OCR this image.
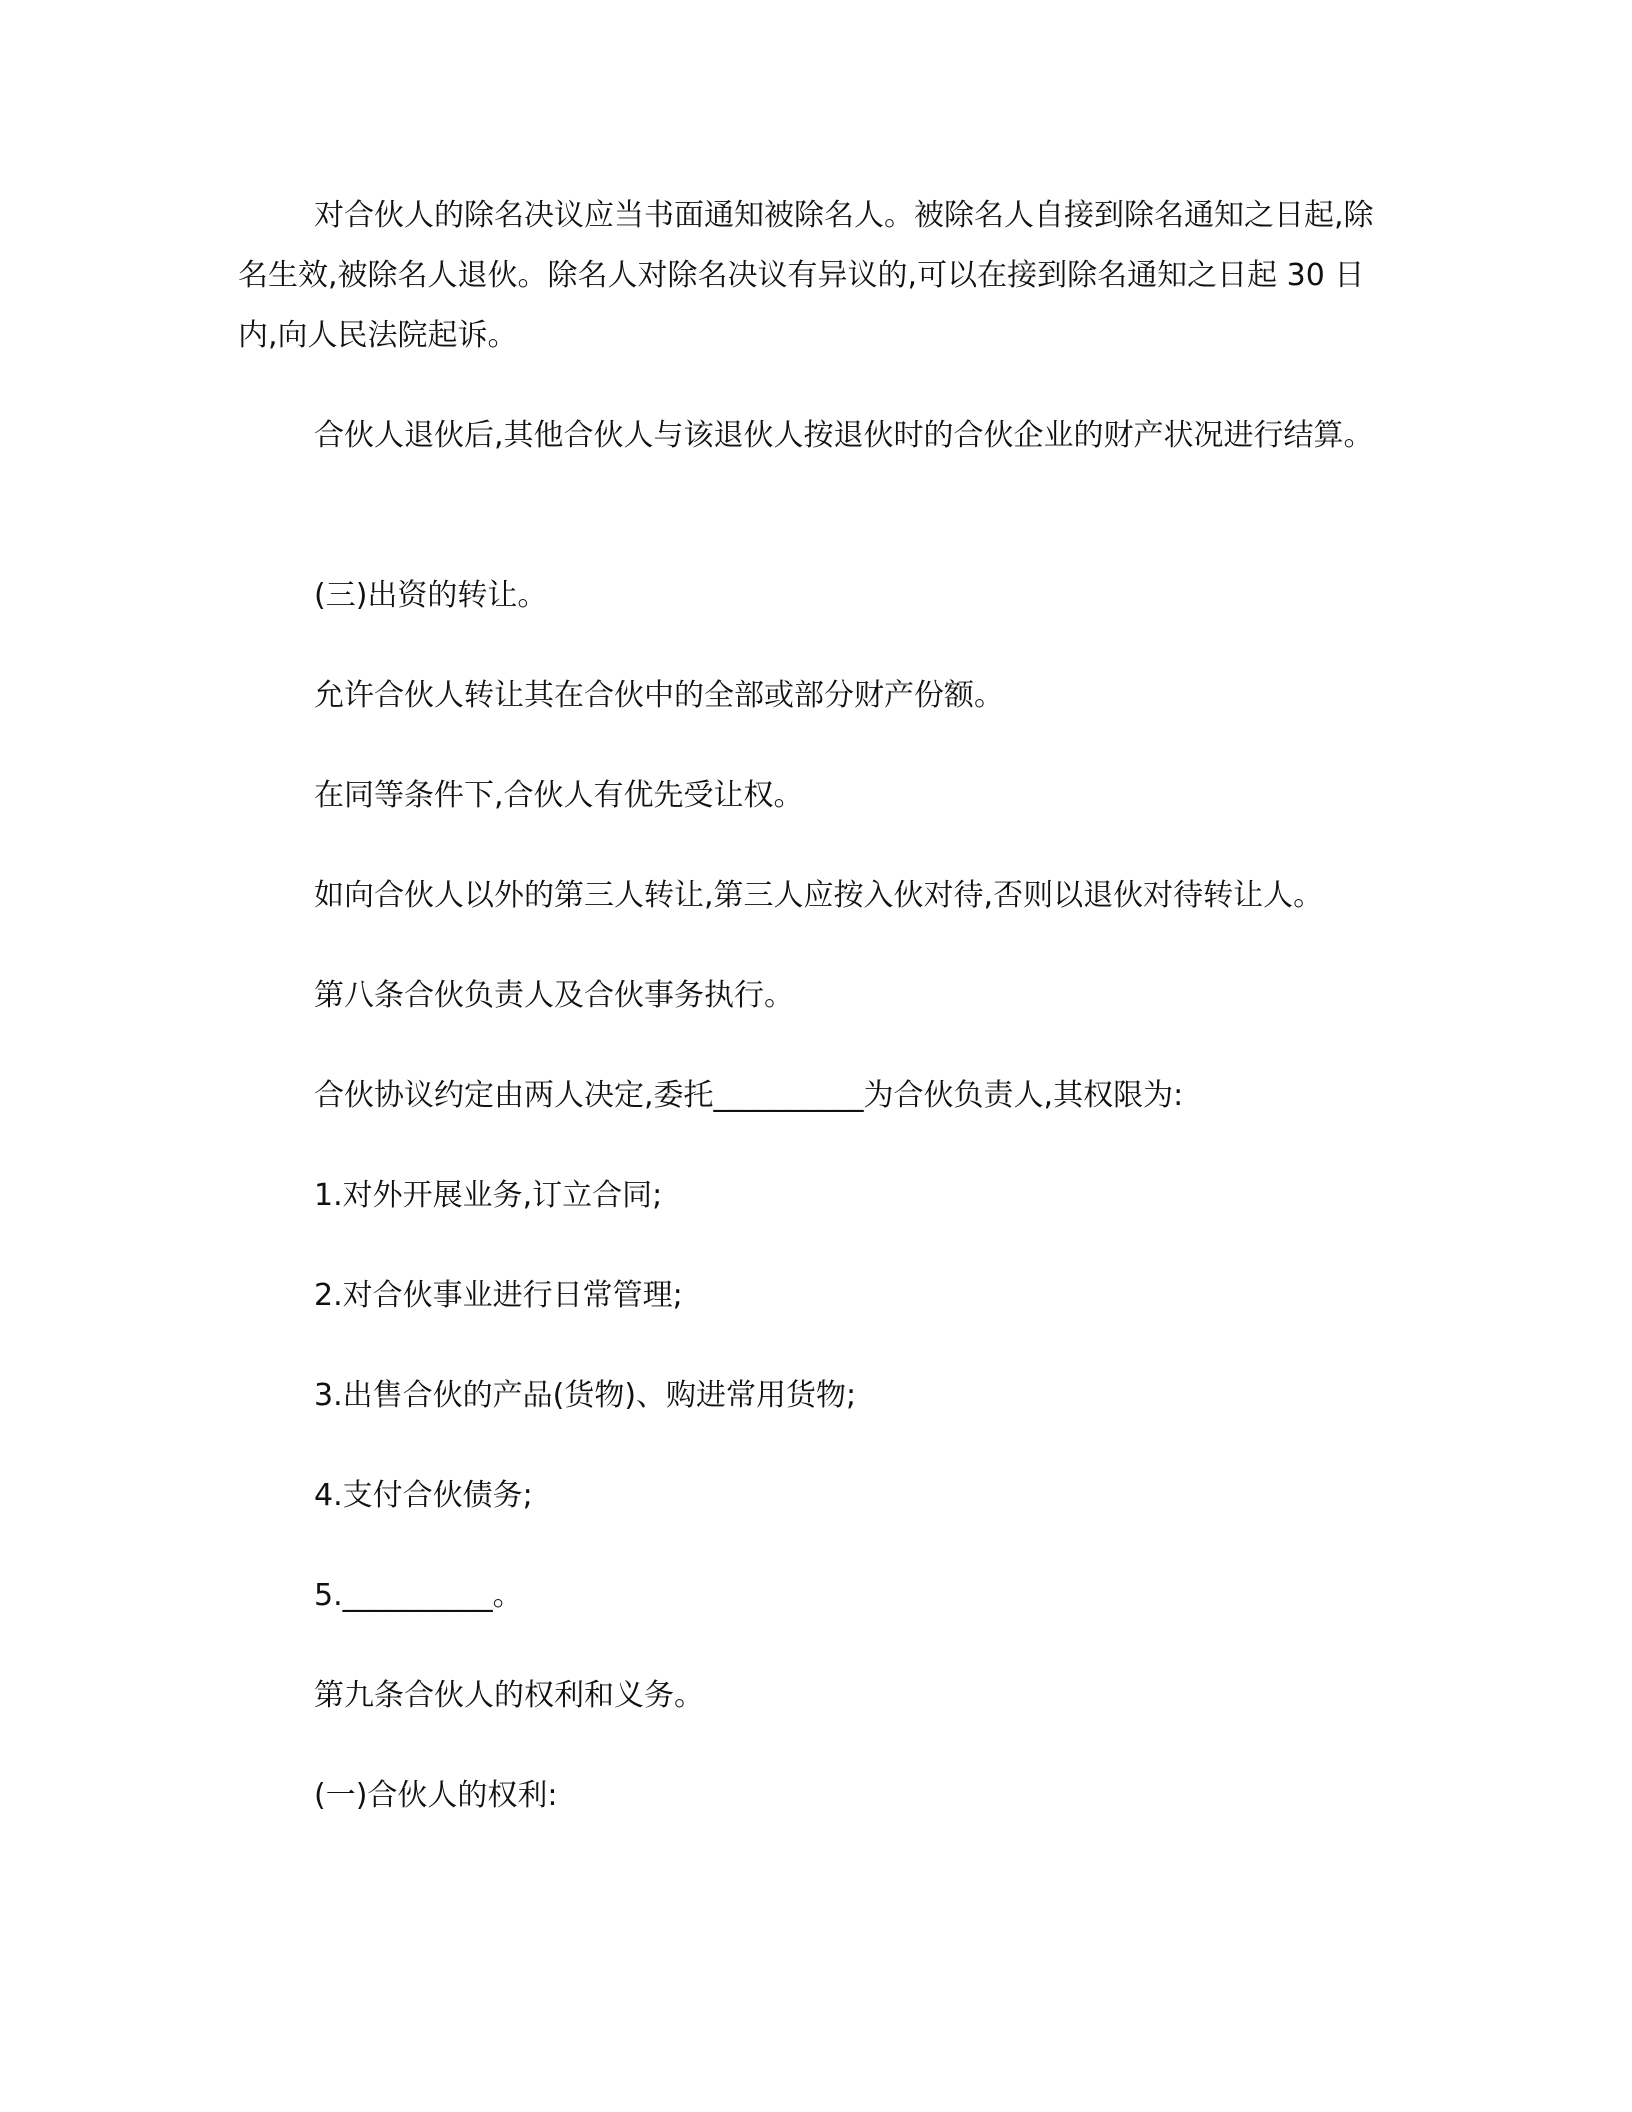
对合伙人的除名决议应当书面通知被除名人。被除名人自接到除名通知之日起,除名生效,被除名人退伙。除名人对除名决议有异议的,可以在接到除名通知之日起 30 日内,向人民法院起诉。

合伙人退伙后,其他合伙人与该退伙人按退伙时的合伙企业的财产状况进行结算。

(三)出资的转让。

允许合伙人转让其在合伙中的全部或部分财产份额。

在同等条件下,合伙人有优先受让权。

如向合伙人以外的第三人转让,第三人应按入伙对待,否则以退伙对待转让人。

第八条合伙负责人及合伙事务执行。

合伙协议约定由两人决定,委托__________为合伙负责人,其权限为:

1.对外开展业务,订立合同;

2.对合伙事业进行日常管理;

3.出售合伙的产品(货物)、购进常用货物;

4.支付合伙债务;

5.__________。

第九条合伙人的权利和义务。

(一)合伙人的权利:
